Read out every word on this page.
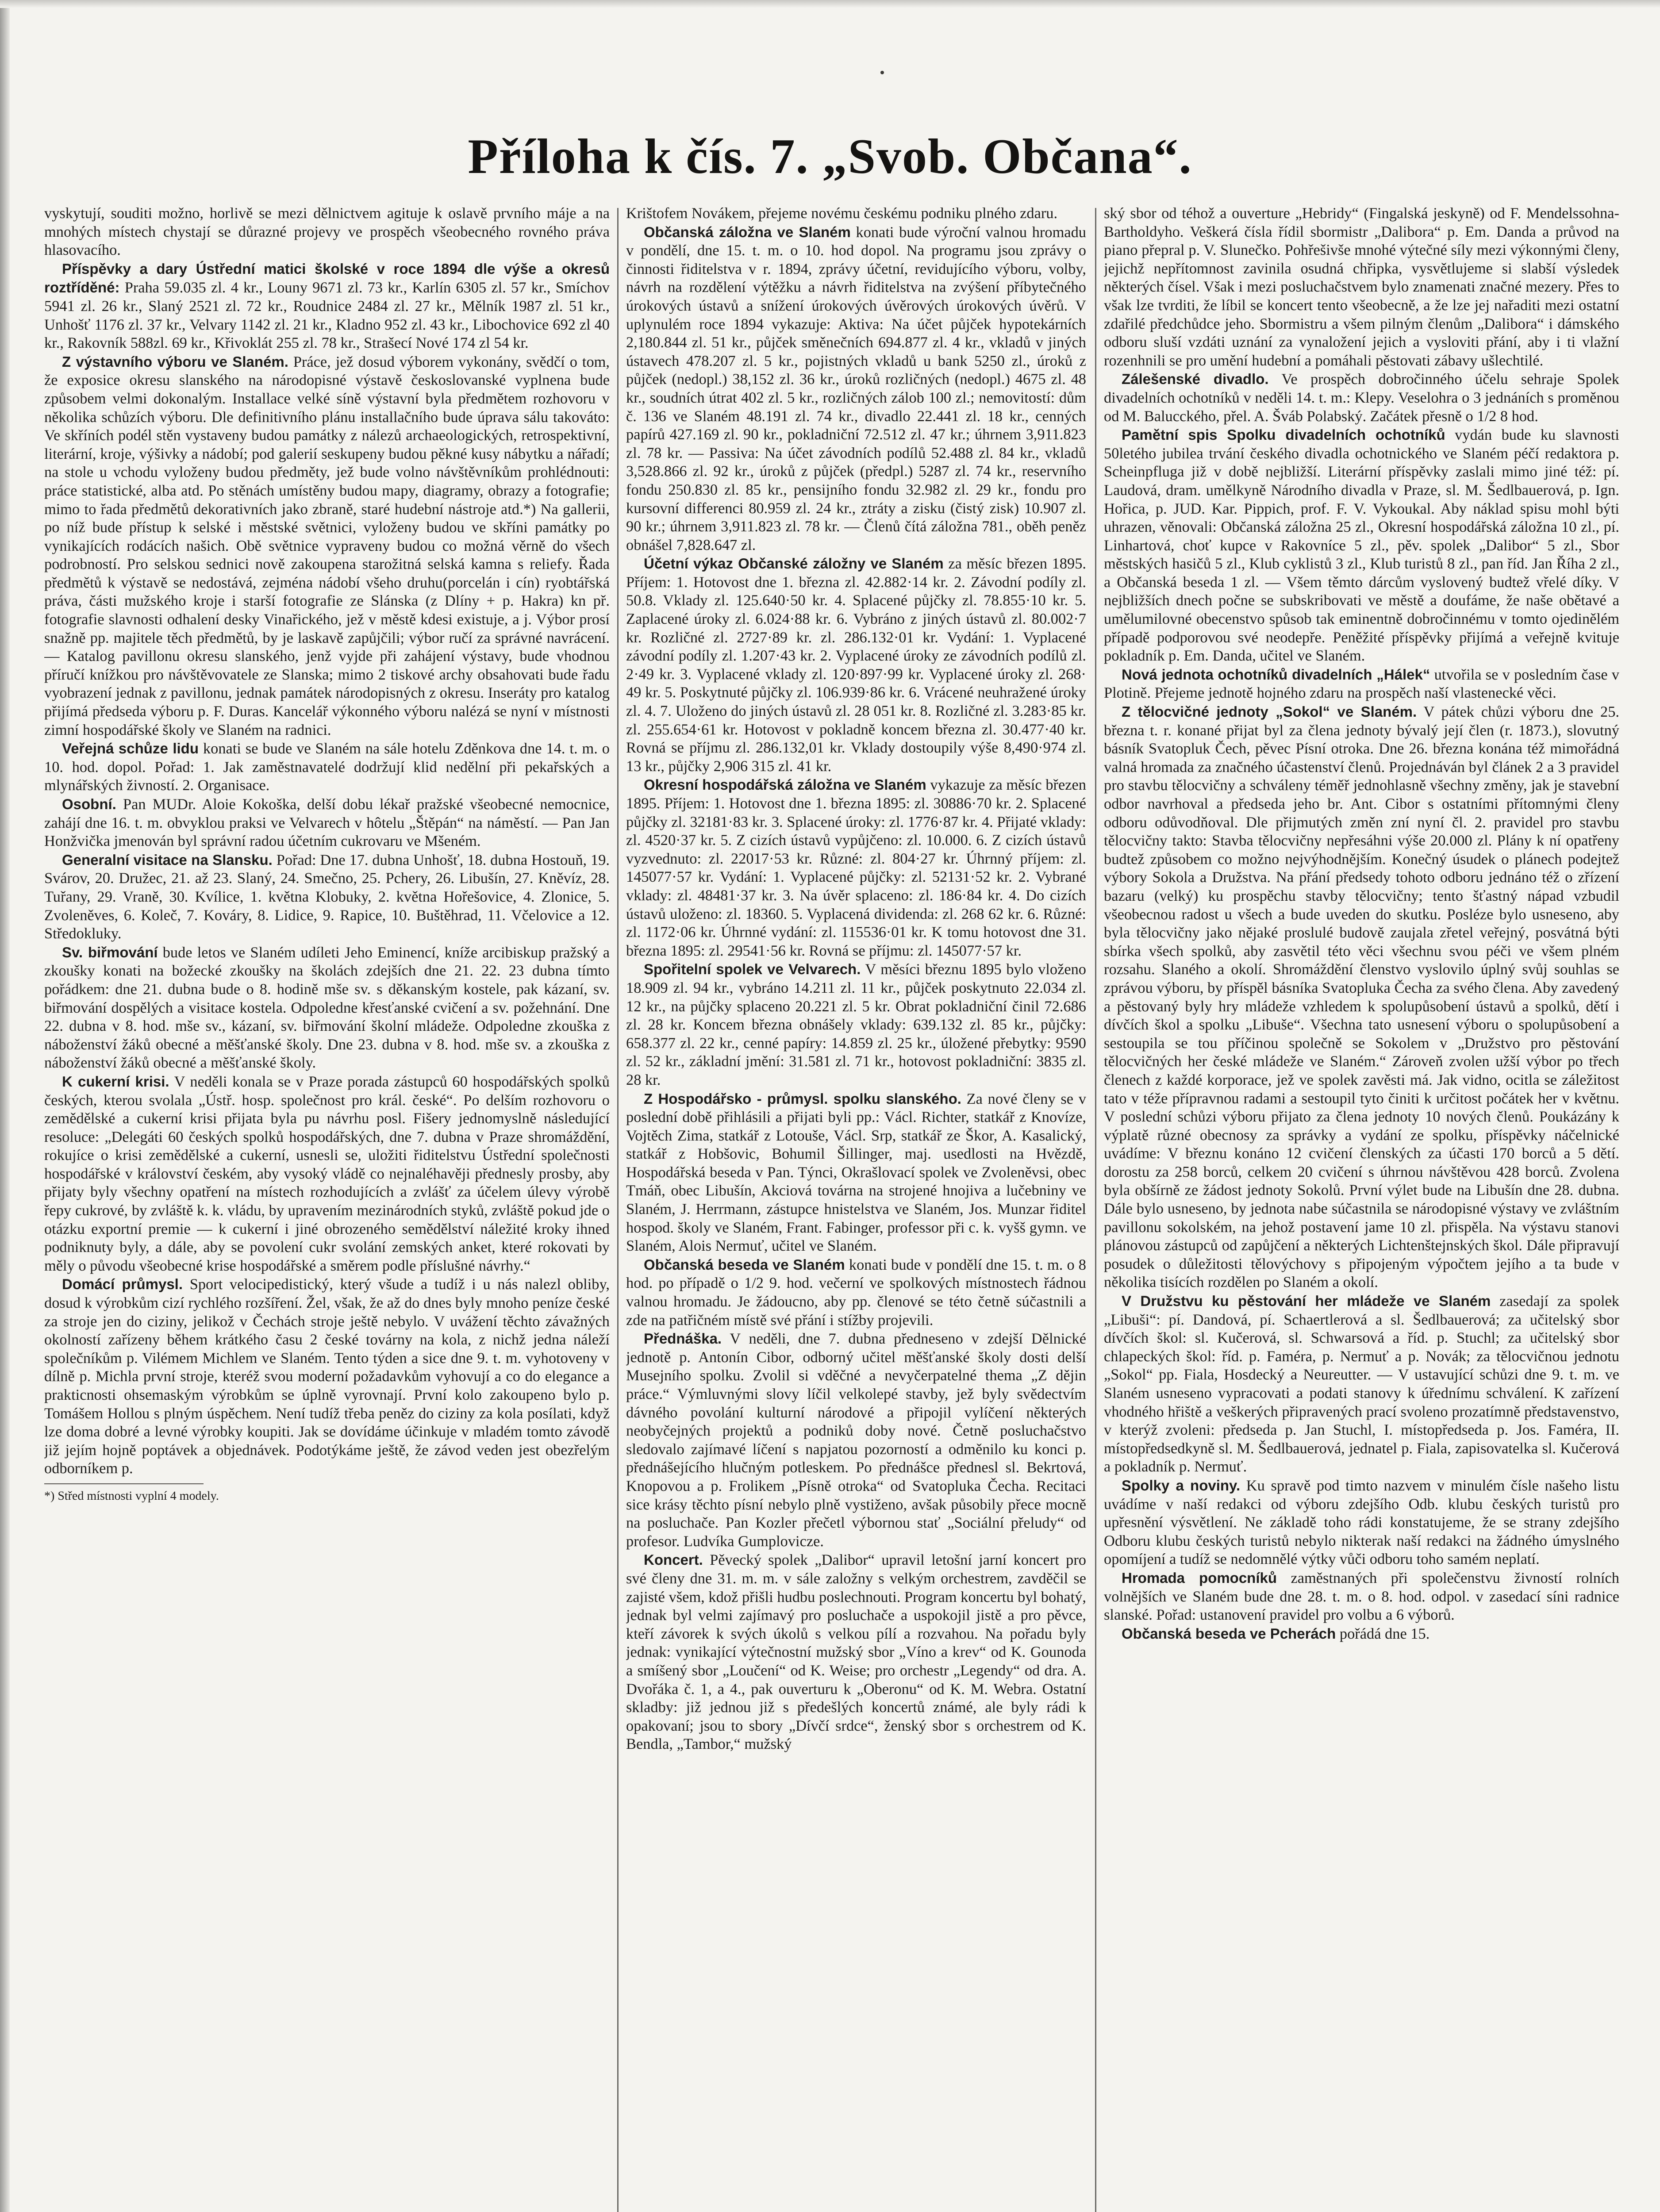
Příloha k čís. 7. „Svob. Občana“.

vyskytují, souditi možno, horlivě se mezi dělnictvem agituje k oslavě prvního máje a na mnohých místech chystají se důrazné projevy ve prospěch všeobecného rovného práva hlasovacího.

Příspěvky a dary Ústřední matici školské v roce 1894 dle výše a okresů roztříděné: Praha 59.035 zl. 4 kr., Louny 9671 zl. 73 kr., Karlín 6305 zl. 57 kr., Smíchov 5941 zl. 26 kr., Slaný 2521 zl. 72 kr., Roudnice 2484 zl. 27 kr., Mělník 1987 zl. 51 kr., Unhošť 1176 zl. 37 kr., Velvary 1142 zl. 21 kr., Kladno 952 zl. 43 kr., Libochovice 692 zl 40 kr., Rakovník 588zl. 69 kr., Křivoklát 255 zl. 78 kr., Strašecí Nové 174 zl 54 kr.

Z výstavního výboru ve Slaném. Práce, jež dosud výborem vykonány, svědčí o tom, že exposice okresu slanského na národopisné výstavě českoslovanské vyplnena bude způsobem velmi dokonalým. Installace velké síně výstavní byla předmětem rozhovoru v několika schůzích výboru. Dle definitivního plánu installačního bude úprava sálu takováto: Ve skříních podél stěn vystaveny budou památky z nálezů archaeologických, retrospektivní, literární, kroje, výšivky a nádobí; pod galerií seskupeny budou pěkné kusy nábytku a nářadí; na stole u vchodu vyloženy budou předměty, jež bude volno návštěvníkům prohlédnouti: práce statistické, alba atd. Po stěnách umístěny budou mapy, diagramy, obrazy a fotografie; mimo to řada předmětů dekorativních jako zbraně, staré hudební nástroje atd.*) Na gallerii, po níž bude přístup k selské i městské světnici, vyloženy budou ve skříni památky po vynikajících rodácích našich. Obě světnice vypraveny budou co možná věrně do všech podrobností. Pro selskou sednici nově zakoupena starožitná selská kamna s reliefy. Řada předmětů k výstavě se nedostává, zejména nádobí všeho druhu(porcelán i cín) ryobtářská práva, části mužského kroje i starší fotografie ze Slánska (z Dlíny + p. Hakra) kn př. fotografie slavnosti odhalení desky Vinařického, jež v městě kdesi existuje, a j. Výbor prosí snažně pp. majitele těch předmětů, by je laskavě zapůjčili; výbor ručí za správné navrácení. — Katalog pavillonu okresu slanského, jenž vyjde při zahájení výstavy, bude vhodnou příručí knížkou pro návštěvovatele ze Slanska; mimo 2 tiskové archy obsahovati bude řadu vyobrazení jednak z pavillonu, jednak památek národopisných z okresu. Inseráty pro katalog přijímá předseda výboru p. F. Duras. Kancelář výkonného výboru nalézá se nyní v místnosti zimní hospodářské školy ve Slaném na radnici.

Veřejná schůze lidu konati se bude ve Slaném na sále hotelu Zděnkova dne 14. t. m. o 10. hod. dopol. Pořad: 1. Jak zaměstnavatelé dodržují klid nedělní při pekařských a mlynářských živností. 2. Organisace.

Osobní. Pan MUDr. Aloie Kokoška, delší dobu lékař pražské všeobecné nemocnice, zahájí dne 16. t. m. obvyklou praksi ve Velvarech v hôtelu „Štěpán“ na náměstí. — Pan Jan Honžvička jmenován byl správní radou účetním cukrovaru ve Mšeném.

Generalní visitace na Slansku. Pořad: Dne 17. dubna Unhošť, 18. dubna Hostouň, 19. Svárov, 20. Družec, 21. až 23. Slaný, 24. Smečno, 25. Pchery, 26. Libušín, 27. Kněvíz, 28. Tuřany, 29. Vraně, 30. Kvílice, 1. května Klobuky, 2. května Hořešovice, 4. Zlonice, 5. Zvoleněves, 6. Koleč, 7. Kováry, 8. Lidice, 9. Rapice, 10. Buštěhrad, 11. Včelovice a 12. Středokluky.

Sv. biřmování bude letos ve Slaném udíleti Jeho Eminencí, kníže arcibiskup pražský a zkoušky konati na božecké zkoušky na školách zdejších dne 21. 22. 23 dubna tímto pořádkem: dne 21. dubna bude o 8. hodině mše sv. s děkanským kostele, pak kázaní, sv. biřmování dospělých a visitace kostela. Odpoledne křesťanské cvičení a sv. požehnání. Dne 22. dubna v 8. hod. mše sv., kázaní, sv. biřmování školní mládeže. Odpoledne zkouška z náboženství žáků obecné a měšťanské školy. Dne 23. dubna v 8. hod. mše sv. a zkouška z náboženství žáků obecné a měšťanské školy.

K cukerní krisi. V neděli konala se v Praze porada zástupců 60 hospodářských spolků českých, kterou svolala „Ústř. hosp. společnost pro král. české“. Po delším rozhovoru o zemědělské a cukerní krisi přijata byla pu návrhu posl. Fišery jednomyslně následující resoluce: „Delegáti 60 českých spolků hospodářských, dne 7. dubna v Praze shromáždění, rokujíce o krisi zemědělské a cukerní, usnesli se, uložiti řiditelstvu Ústřední společnosti hospodářské v království českém, aby vysoký vládě co nejnaléhavěji přednesly prosby, aby přijaty byly všechny opatření na místech rozhodujících a zvlášť za účelem úlevy výrobě řepy cukrové, by zvláště k. k. vládu, by upravením mezinárodních styků, zvláště pokud jde o otázku exportní premie — k cukerní i jiné obrozeného semědělství náležité kroky ihned podniknuty byly, a dále, aby se povolení cukr svolání zemských anket, které rokovati by měly o původu všeobecné krise hospodářské a směrem podle příslušné návrhy.“

Domácí průmysl. Sport velocipedistický, který všude a tudíž i u nás nalezl obliby, dosud k výrobkům cizí rychlého rozšíření. Žel, však, že až do dnes byly mnoho peníze české za stroje jen do ciziny, jelikož v Čechách stroje ještě nebylo. V uvážení těchto závažných okolností zařízeny během krátkého času 2 české továrny na kola, z nichž jedna náleží společníkům p. Vilémem Michlem ve Slaném. Tento týden a sice dne 9. t. m. vyhotoveny v dílně p. Michla první stroje, kteréž svou moderní požadavkům vyhovují a co do elegance a prakticnosti ohsemaským výrobkům se úplně vyrovnají. První kolo zakoupeno bylo p. Tomášem Hollou s plným úspěchem. Není tudíž třeba peněz do ciziny za kola posílati, když lze doma dobré a levné výrobky koupiti. Jak se dovídáme účinkuje v mladém tomto závodě již jejím hojně poptávek a objednávek. Podotýkáme ještě, že závod veden jest obezřelým odborníkem p.

*) Střed místnosti vyplní 4 modely.

Krištofem Novákem, přejeme novému českému podniku plného zdaru.

Občanská záložna ve Slaném konati bude výroční valnou hromadu v pondělí, dne 15. t. m. o 10. hod dopol. Na programu jsou zprávy o činnosti řiditelstva v r. 1894, zprávy účetní, revidujícího výboru, volby, návrh na rozdělení výtěžku a návrh řiditelstva na zvýšení příbytečného úrokových ústavů a snížení úrokových úvěrových úrokových úvěrů. V uplynulém roce 1894 vykazuje: Aktiva: Na účet půjček hypotekárních 2,180.844 zl. 51 kr., půjček směnečních 694.877 zl. 4 kr., vkladů v jiných ústavech 478.207 zl. 5 kr., pojistných vkladů u bank 5250 zl., úroků z půjček (nedopl.) 38,152 zl. 36 kr., úroků rozličných (nedopl.) 4675 zl. 48 kr., soudních útrat 402 zl. 5 kr., rozličných zálob 100 zl.; nemovitostí: dům č. 136 ve Slaném 48.191 zl. 74 kr., divadlo 22.441 zl. 18 kr., cenných papírů 427.169 zl. 90 kr., pokladniční 72.512 zl. 47 kr.; úhrnem 3,911.823 zl. 78 kr. — Passiva: Na účet závodních podílů 52.488 zl. 84 kr., vkladů 3,528.866 zl. 92 kr., úroků z půjček (předpl.) 5287 zl. 74 kr., reservního fondu 250.830 zl. 85 kr., pensijního fondu 32.982 zl. 29 kr., fondu pro kursovní differenci 80.959 zl. 24 kr., ztráty a zisku (čistý zisk) 10.907 zl. 90 kr.; úhrnem 3,911.823 zl. 78 kr. — Členů čítá záložna 781., oběh peněz obnášel 7,828.647 zl.

Účetní výkaz Občanské záložny ve Slaném za měsíc březen 1895. Příjem: 1. Hotovost dne 1. března zl. 42.882·14 kr. 2. Závodní podíly zl. 50.8. Vklady zl. 125.640·50 kr. 4. Splacené půjčky zl. 78.855·10 kr. 5. Zaplacené úroky zl. 6.024·88 kr. 6. Vybráno z jiných ústavů zl. 80.002·7 kr. Rozličné zl. 2727·89 kr. zl. 286.132·01 kr. Vydání: 1. Vyplacené závodní podíly zl. 1.207·43 kr. 2. Vyplacené úroky ze závodních podílů zl. 2·49 kr. 3. Vyplacené vklady zl. 120·897·99 kr. Vyplacené úroky zl. 268· 49 kr. 5. Poskytnuté půjčky zl. 106.939·86 kr. 6. Vrácené neuhražené úroky zl. 4. 7. Uloženo do jiných ústavů zl. 28 051 kr. 8. Rozličné zl. 3.283·85 kr. zl. 255.654·61 kr. Hotovost v pokladně koncem března zl. 30.477·40 kr. Rovná se příjmu zl. 286.132,01 kr. Vklady dostoupily výše 8,490·974 zl. 13 kr., půjčky 2,906 315 zl. 41 kr.

Okresní hospodářská záložna ve Slaném vykazuje za měsíc březen 1895. Příjem: 1. Hotovost dne 1. března 1895: zl. 30886·70 kr. 2. Splacené půjčky zl. 32181·83 kr. 3. Splacené úroky: zl. 1776·87 kr. 4. Přijaté vklady: zl. 4520·37 kr. 5. Z cizích ústavů vypůjčeno: zl. 10.000. 6. Z cizích ústavů vyzvednuto: zl. 22017·53 kr. Různé: zl. 804·27 kr. Úhrnný příjem: zl. 145077·57 kr. Vydání: 1. Vyplacené půjčky: zl. 52131·52 kr. 2. Vybrané vklady: zl. 48481·37 kr. 3. Na úvěr splaceno: zl. 186·84 kr. 4. Do cizích ústavů uloženo: zl. 18360. 5. Vyplacená dividenda: zl. 268 62 kr. 6. Různé: zl. 1172·06 kr. Úhrnné vydání: zl. 115536·01 kr. K tomu hotovost dne 31. března 1895: zl. 29541·56 kr. Rovná se příjmu: zl. 145077·57 kr.

Spořitelní spolek ve Velvarech. V měsíci březnu 1895 bylo vloženo 18.909 zl. 94 kr., vybráno 14.211 zl. 11 kr., půjček poskytnuto 22.034 zl. 12 kr., na půjčky splaceno 20.221 zl. 5 kr. Obrat pokladniční činil 72.686 zl. 28 kr. Koncem března obnášely vklady: 639.132 zl. 85 kr., půjčky: 658.377 zl. 22 kr., cenné papíry: 14.859 zl. 25 kr., úložené přebytky: 9590 zl. 52 kr., základní jmění: 31.581 zl. 71 kr., hotovost pokladniční: 3835 zl. 28 kr.

Z Hospodářsko - průmysl. spolku slanského. Za nové členy se v poslední době přihlásili a přijati byli pp.: Václ. Richter, statkář z Knovíze, Vojtěch Zima, statkář z Lotouše, Václ. Srp, statkář ze Škor, A. Kasalický, statkář z Hobšovic, Bohumil Šillinger, maj. usedlosti na Hvězdě, Hospodářská beseda v Pan. Týnci, Okrašlovací spolek ve Zvoleněvsi, obec Tmáň, obec Libušín, Akciová továrna na strojené hnojiva a lučebniny ve Slaném, J. Herrmann, zástupce hnistelstva ve Slaném, Jos. Munzar řiditel hospod. školy ve Slaném, Frant. Fabinger, professor při c. k. vyšš gymn. ve Slaném, Alois Nermuť, učitel ve Slaném.

Občanská beseda ve Slaném konati bude v pondělí dne 15. t. m. o 8 hod. po případě o 1/2 9. hod. večerní ve spolkových místnostech řádnou valnou hromadu. Je žádoucno, aby pp. členové se této četně súčastnili a zde na patřičném místě své přání i stížby projevili.

Přednáška. V neděli, dne 7. dubna předneseno v zdejší Dělnické jednotě p. Antonín Cibor, odborný učitel měšťanské školy dosti delší Musejního spolku. Zvolil si vděčné a nevyčerpatelné thema „Z dějin práce.“ Výmluvnými slovy líčil velkolepé stavby, jež byly svědectvím dávného povolání kulturní národové a připojil vylíčení některých neobyčejných projektů a podniků doby nové. Četně posluchačstvo sledovalo zajímavé líčení s napjatou pozorností a odměnilo ku konci p. přednášejícího hlučným potleskem. Po přednášce přednesl sl. Bekrtová, Knopovou a p. Frolikem „Písně otroka“ od Svatopluka Čecha. Recitaci sice krásy těchto písní nebylo plně vystiženo, avšak působily přece mocně na posluchače. Pan Kozler přečetl výbornou stať „Sociální přeludy“ od profesor. Ludvíka Gumplovicze.

Koncert. Pěvecký spolek „Dalibor“ upravil letošní jarní koncert pro své členy dne 31. m. m. v sále založny s velkým orchestrem, zavděčil se zajisté všem, kdož přišli hudbu poslechnouti. Program koncertu byl bohatý, jednak byl velmi zajímavý pro posluchače a uspokojil jistě a pro pěvce, kteří závorek k svých úkolů s velkou pílí a rozvahou. Na pořadu byly jednak: vynikající výtečnostní mužský sbor „Víno a krev“ od K. Gounoda a smíšený sbor „Loučení“ od K. Weise; pro orchestr „Legendy“ od dra. A. Dvořáka č. 1, a 4., pak ouverturu k „Oberonu“ od K. M. Webra. Ostatní skladby: již jednou již s předešlých koncertů známé, ale byly rádi k opakovaní; jsou to sbory „Dívčí srdce“, ženský sbor s orchestrem od K. Bendla, „Tambor,“ mužský

ský sbor od téhož a ouverture „Hebridy“ (Fingalská jeskyně) od F. Mendelssohna-Bartholdyho. Veškerá čísla řídil sbormistr „Dalibora“ p. Em. Danda a průvod na piano přepral p. V. Slunečko. Pohřešivše mnohé výtečné síly mezi výkonnými členy, jejichž nepřítomnost zavinila osudná chřipka, vysvětlujeme si slabší výsledek některých čísel. Však i mezi posluchačstvem bylo znamenati značné mezery. Přes to však lze tvrditi, že líbil se koncert tento všeobecně, a že lze jej nařaditi mezi ostatní zdařilé předchůdce jeho. Sbormistru a všem pilným členům „Dalibora“ i dámského odboru sluší vzdáti uznání za vynaložení jejich a vysloviti přání, aby i ti vlažní rozenhnili se pro umění hudební a pomáhali pěstovati zábavy ušlechtilé.

Zálešenské divadlo. Ve prospěch dobročinného účelu sehraje Spolek divadelních ochotníků v neděli 14. t. m.: Klepy. Veselohra o 3 jednáních s proměnou od M. Balucckého, přel. A. Šváb Polabský. Začátek přesně o 1/2 8 hod.

Pamětní spis Spolku divadelních ochotníků vydán bude ku slavnosti 50letého jubilea trvání českého divadla ochotnického ve Slaném péčí redaktora p. Scheinpfluga již v době nejbližší. Literární příspěvky zaslali mimo jiné též: pí. Laudová, dram. umělkyně Národního divadla v Praze, sl. M. Šedlbauerová, p. Ign. Hořica, p. JUD. Kar. Pippich, prof. F. V. Vykoukal. Aby náklad spisu mohl býti uhrazen, věnovali: Občanská záložna 25 zl., Okresní hospodářská záložna 10 zl., pí. Linhartová, choť kupce v Rakovníce 5 zl., pěv. spolek „Dalibor“ 5 zl., Sbor městských hasičů 5 zl., Klub cyklistů 3 zl., Klub turistů 8 zl., pan říd. Jan Říha 2 zl., a Občanská beseda 1 zl. — Všem těmto dárcům vyslovený budtež vřelé díky. V nejbližších dnech počne se subskribovati ve městě a doufáme, že naše obětavé a umělumilovné obecenstvo spůsob tak eminentně dobročinnému v tomto ojedinělém případě podporovou své neodepře. Peněžité příspěvky přijímá a veřejně kvituje pokladník p. Em. Danda, učitel ve Slaném.

Nová jednota ochotníků divadelních „Hálek“ utvořila se v posledním čase v Plotině. Přejeme jednotě hojného zdaru na prospěch naší vlastenecké věci.

Z tělocvičné jednoty „Sokol“ ve Slaném. V pátek chůzi výboru dne 25. března t. r. konané přijat byl za člena jednoty bývalý její člen (r. 1873.), slovutný básník Svatopluk Čech, pěvec Písní otroka. Dne 26. března konána též mimořádná valná hromada za značného účastenství členů. Projednáván byl článek 2 a 3 pravidel pro stavbu tělocvičny a schváleny téměř jednohlasně všechny změny, jak je stavební odbor navrhoval a předseda jeho br. Ant. Cibor s ostatními přítomnými členy odboru odůvodňoval. Dle přijmutých změn zní nyní čl. 2. pravidel pro stavbu tělocvičny takto: Stavba tělocvičny nepřesáhni výše 20.000 zl. Plány k ní opatřeny budtež způsobem co možno nejvýhodnějším. Konečný úsudek o plánech podejtež výbory Sokola a Družstva. Na přání předsedy tohoto odboru jednáno též o zřízení bazaru (velký) ku prospěchu stavby tělocvičny; tento šťastný nápad vzbudil všeobecnou radost u všech a bude uveden do skutku. Posléze bylo usneseno, aby byla tělocvičny jako nějaké proslulé budově zaujala zřetel veřejný, posvátná býti sbírka všech spolků, aby zasvětil této věci všechnu svou péči ve všem plném rozsahu. Slaného a okolí. Shromáždění členstvo vyslovilo úplný svůj souhlas se zprávou výboru, by příspěl básníka Svatopluka Čecha za svého člena. Aby zavedený a pěstovaný byly hry mládeže vzhledem k spolupůsobení ústavů a spolků, dětí i dívčích škol a spolku „Libuše“. Všechna tato usnesení výboru o spolupůsobení a sestoupila se tou příčinou společně se Sokolem v „Družstvo pro pěstování tělocvičných her české mládeže ve Slaném.“ Zároveň zvolen užší výbor po třech členech z každé korporace, jež ve spolek zavěsti má. Jak vidno, ocitla se záležitost tato v téže přípravnou radami a sestoupil tyto činiti k určitost počátek her v květnu. V poslední schůzi výboru přijato za člena jednoty 10 nových členů. Poukázány k výplatě různé obecnosy za správky a vydání ze spolku, příspěvky náčelnické uvádíme: V březnu konáno 12 cvičení členských za účasti 170 borců a 5 dětí. dorostu za 258 borců, celkem 20 cvičení s úhrnou návštěvou 428 borců. Zvolena byla obšírně ze žádost jednoty Sokolů. První výlet bude na Libušín dne 28. dubna. Dále bylo usneseno, by jednota nabe súčastnila se národopisné výstavy ve zvláštním pavillonu sokolském, na jehož postavení jame 10 zl. přispěla. Na výstavu stanovi plánovou zástupců od zapůjčení a některých Lichtenštejnských škol. Dále připravují posudek o důležitosti tělovýchovy s připojeným výpočtem jejího a ta bude v několika tisících rozdělen po Slaném a okolí.

V Družstvu ku pěstování her mládeže ve Slaném zasedají za spolek „Libuši“: pí. Dandová, pí. Schaertlerová a sl. Šedlbauerová; za učitelský sbor dívčích škol: sl. Kučerová, sl. Schwarsová a říd. p. Stuchl; za učitelský sbor chlapeckých škol: říd. p. Faméra, p. Nermuť a p. Novák; za tělocvičnou jednotu „Sokol“ pp. Fiala, Hosdecký a Neureutter. — V ustavující schůzi dne 9. t. m. ve Slaném usneseno vypracovati a podati stanovy k úřednímu schválení. K zařízení vhodného hřiště a veškerých připravených prací svoleno prozatímně představenstvo, v kterýž zvoleni: předseda p. Jan Stuchl, I. místopředseda p. Jos. Faméra, II. místopředsedkyně sl. M. Šedlbauerová, jednatel p. Fiala, zapisovatelka sl. Kučerová a pokladník p. Nermuť.

Spolky a noviny. Ku spravě pod timto nazvem v minulém čísle našeho listu uvádíme v naší redakci od výboru zdejšího Odb. klubu českých turistů pro upřesnění výsvětlení. Ne základě toho rádi konstatujeme, že se strany zdejšího Odboru klubu českých turistů nebylo nikterak naší redakci na žádného úmyslného opomíjení a tudíž se nedomnělé výtky vůči odboru toho samém neplatí.

Hromada pomocníků zaměstnaných při společenstvu živností rolních volnějších ve Slaném bude dne 28. t. m. o 8. hod. odpol. v zasedací síni radnice slanské. Pořad: ustanovení pravidel pro volbu a 6 výborů.

Občanská beseda ve Pcherách pořádá dne 15.
